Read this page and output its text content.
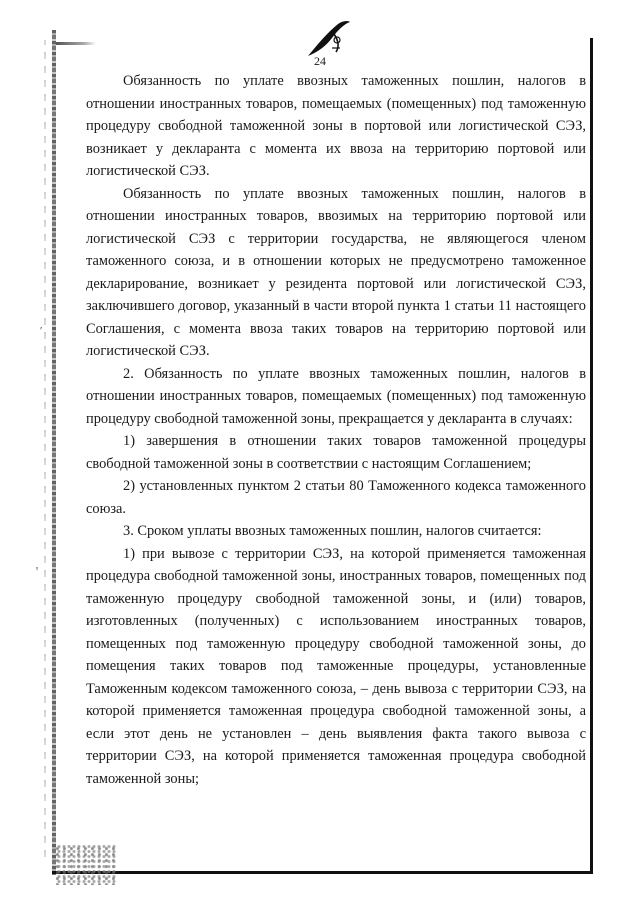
ʹ
ꞌ
24

Обязанность по уплате ввозных таможенных пошлин, налогов в отношении иностранных товаров, помещаемых (помещенных) под таможенную процедуру свободной таможенной зоны в портовой или логистической СЭЗ, возникает у декларанта с момента их ввоза на территорию портовой или логистической СЭЗ.

Обязанность по уплате ввозных таможенных пошлин, налогов в отношении иностранных товаров, ввозимых на территорию портовой или логистической СЭЗ с территории государства, не являющегося членом таможенного союза, и в отношении которых не предусмотрено таможенное декларирование, возникает у резидента портовой или логистической СЭЗ, заключившего договор, указанный в части второй пункта 1 статьи 11 настоящего Соглашения, с момента ввоза таких товаров на территорию портовой или логистической СЭЗ.

2. Обязанность по уплате ввозных таможенных пошлин, налогов в отношении иностранных товаров, помещаемых (помещенных) под таможенную процедуру свободной таможенной зоны, прекращается у декларанта в случаях:

1) завершения в отношении таких товаров таможенной процедуры свободной таможенной зоны в соответствии с настоящим Соглашением;

2) установленных пунктом 2 статьи 80 Таможенного кодекса таможенного союза.

3. Сроком уплаты ввозных таможенных пошлин, налогов считается:

1) при вывозе с территории СЭЗ, на которой применяется таможенная процедура свободной таможенной зоны, иностранных товаров, помещенных под таможенную процедуру свободной таможенной зоны, и (или) товаров, изготовленных (полученных) с использованием иностранных товаров, помещенных под таможенную процедуру свободной таможенной зоны, до помещения таких товаров под таможенные процедуры, установленные Таможенным кодексом таможенного союза, – день вывоза с территории СЭЗ, на которой применяется таможенная процедура свободной таможенной зоны, а если этот день не установлен – день выявления факта такого вывоза с территории СЭЗ, на которой применяется таможенная процедура свободной таможенной зоны;
